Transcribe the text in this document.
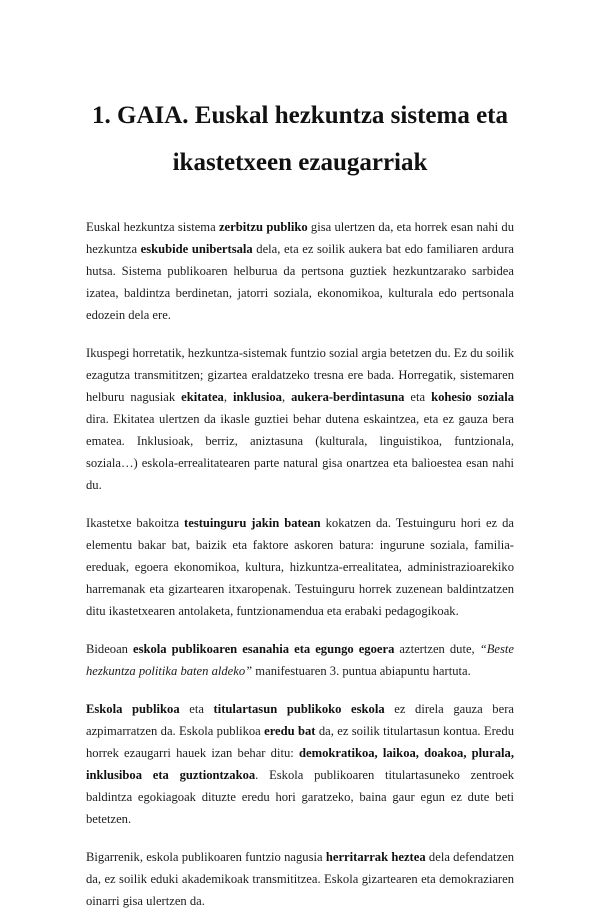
1. GAIA. Euskal hezkuntza sistema eta ikastetxeen ezaugarriak

Euskal hezkuntza sistema zerbitzu publiko gisa ulertzen da, eta horrek esan nahi du hezkuntza eskubide unibertsala dela, eta ez soilik aukera bat edo familiaren ardura hutsa. Sistema publikoaren helburua da pertsona guztiek hezkuntzarako sarbidea izatea, baldintza berdinetan, jatorri soziala, ekonomikoa, kulturala edo pertsonala edozein dela ere.

Ikuspegi horretatik, hezkuntza-sistemak funtzio sozial argia betetzen du. Ez du soilik ezagutza transmititzen; gizartea eraldatzeko tresna ere bada. Horregatik, sistemaren helburu nagusiak ekitatea, inklusioa, aukera-berdintasuna eta kohesio soziala dira. Ekitatea ulertzen da ikasle guztiei behar dutena eskaintzea, eta ez gauza bera ematea. Inklusioak, berriz, aniztasuna (kulturala, linguistikoa, funtzionala, soziala…) eskola-errealitatearen parte natural gisa onartzea eta balioestea esan nahi du.

Ikastetxe bakoitza testuinguru jakin batean kokatzen da. Testuinguru hori ez da elementu bakar bat, baizik eta faktore askoren batura: ingurune soziala, familia-ereduak, egoera ekonomikoa, kultura, hizkuntza-errealitatea, administrazioarekiko harremanak eta gizartearen itxaropenak. Testuinguru horrek zuzenean baldintzatzen ditu ikastetxearen antolaketa, funtzionamendua eta erabaki pedagogikoak.

Bideoan eskola publikoaren esanahia eta egungo egoera aztertzen dute, “Beste hezkuntza politika baten aldeko” manifestuaren 3. puntua abiapuntu hartuta.

Eskola publikoa eta titulartasun publikoko eskola ez direla gauza bera azpimarratzen da. Eskola publikoa eredu bat da, ez soilik titulartasun kontua. Eredu horrek ezaugarri hauek izan behar ditu: demokratikoa, laikoa, doakoa, plurala, inklusiboa eta guztiontzakoa. Eskola publikoaren titulartasuneko zentroek baldintza egokiagoak dituzte eredu hori garatzeko, baina gaur egun ez dute beti betetzen.

Bigarrenik, eskola publikoaren funtzio nagusia herritarrak heztea dela defendatzen da, ez soilik eduki akademikoak transmititzea. Eskola gizartearen eta demokraziaren oinarri gisa ulertzen da.
